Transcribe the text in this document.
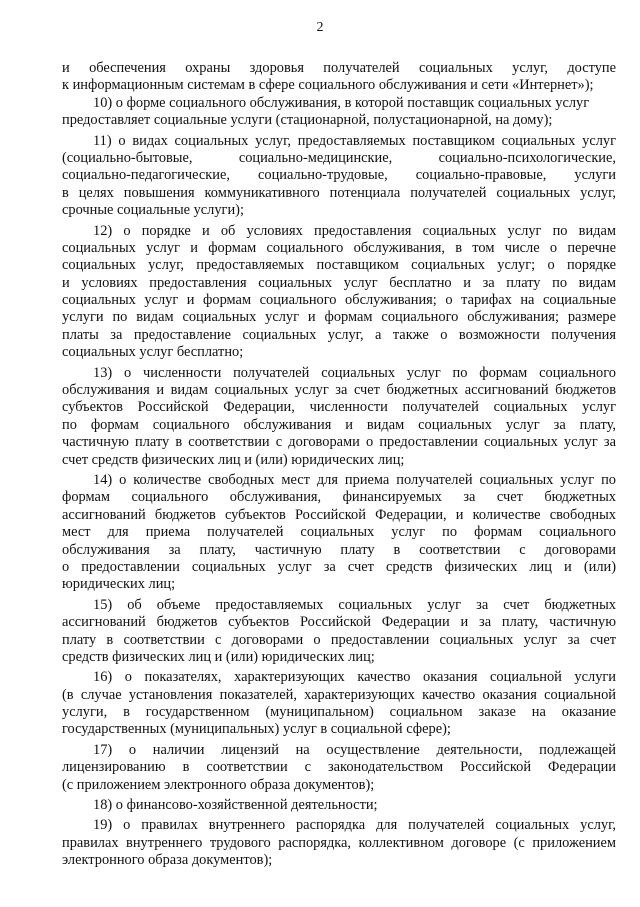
2
и обеспечения охраны здоровья получателей социальных услуг, доступе
к информационным системам в сфере социального обслуживания и сети «Интернет»);
10) о форме социального обслуживания, в которой поставщик социальных услуг
предоставляет социальные услуги (стационарной, полустационарной, на дому);
11) о видах социальных услуг, предоставляемых поставщиком социальных услуг
(социально-бытовые, социально-медицинские, социально-психологические,
социально-педагогические, социально-трудовые, социально-правовые, услуги
в целях повышения коммуникативного потенциала получателей социальных услуг,
срочные социальные услуги);
12) о порядке и об условиях предоставления социальных услуг по видам
социальных услуг и формам социального обслуживания, в том числе о перечне
социальных услуг, предоставляемых поставщиком социальных услуг; о порядке
и условиях предоставления социальных услуг бесплатно и за плату по видам
социальных услуг и формам социального обслуживания; о тарифах на социальные
услуги по видам социальных услуг и формам социального обслуживания; размере
платы за предоставление социальных услуг, а также о возможности получения
социальных услуг бесплатно;
13) о численности получателей социальных услуг по формам социального
обслуживания и видам социальных услуг за счет бюджетных ассигнований бюджетов
субъектов Российской Федерации, численности получателей социальных услуг
по формам социального обслуживания и видам социальных услуг за плату,
частичную плату в соответствии с договорами о предоставлении социальных услуг за
счет средств физических лиц и (или) юридических лиц;
14) о количестве свободных мест для приема получателей социальных услуг по
формам социального обслуживания, финансируемых за счет бюджетных
ассигнований бюджетов субъектов Российской Федерации, и количестве свободных
мест для приема получателей социальных услуг по формам социального
обслуживания за плату, частичную плату в соответствии с договорами
о предоставлении социальных услуг за счет средств физических лиц и (или)
юридических лиц;
15) об объеме предоставляемых социальных услуг за счет бюджетных
ассигнований бюджетов субъектов Российской Федерации и за плату, частичную
плату в соответствии с договорами о предоставлении социальных услуг за счет
средств физических лиц и (или) юридических лиц;
16) о показателях, характеризующих качество оказания социальной услуги
(в случае установления показателей, характеризующих качество оказания социальной
услуги, в государственном (муниципальном) социальном заказе на оказание
государственных (муниципальных) услуг в социальной сфере);
17) о наличии лицензий на осуществление деятельности, подлежащей
лицензированию в соответствии с законодательством Российской Федерации
(с приложением электронного образа документов);
18) о финансово-хозяйственной деятельности;
19) о правилах внутреннего распорядка для получателей социальных услуг,
правилах внутреннего трудового распорядка, коллективном договоре (с приложением
электронного образа документов);
